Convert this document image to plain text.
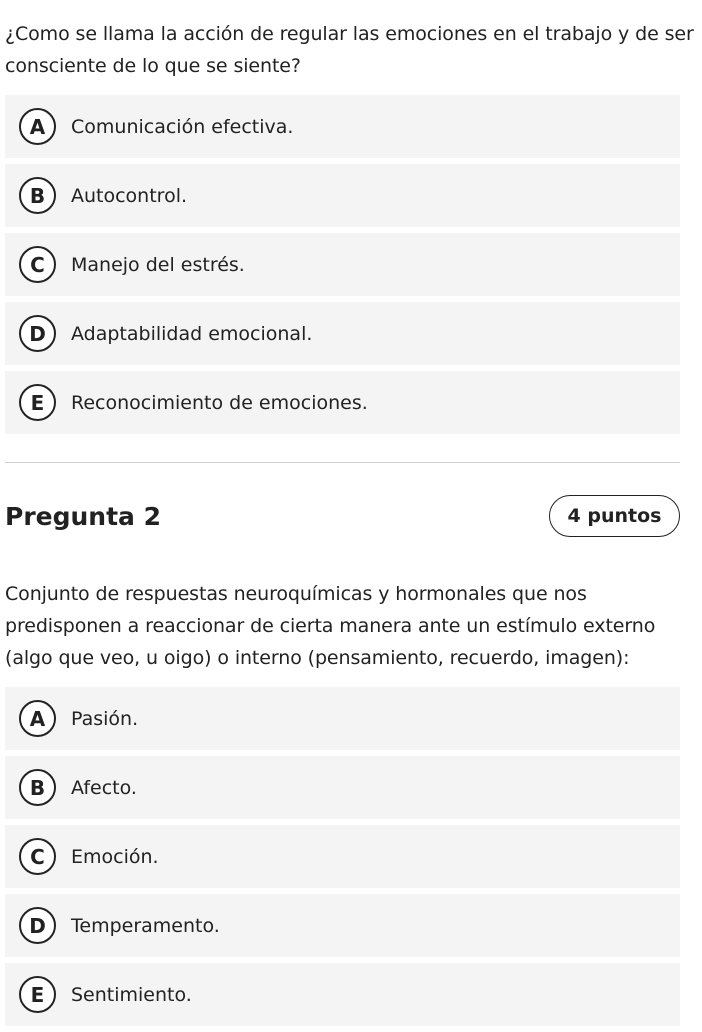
¿Como se llama la acción de regular las emociones en el trabajo y de ser consciente de lo que se siente?

A	Comunicación efectiva.
B	Autocontrol.
C	Manejo del estrés.
D	Adaptabilidad emocional.
E	Reconocimiento de emociones.
Pregunta 2	4 puntos

Conjunto de respuestas neuroquímicas y hormonales que nos predisponen a reaccionar de cierta manera ante un estímulo externo (algo que veo, u oigo) o interno (pensamiento, recuerdo, imagen):

A	Pasión.
B	Afecto.
C	Emoción.
D	Temperamento.
E	Sentimiento.
